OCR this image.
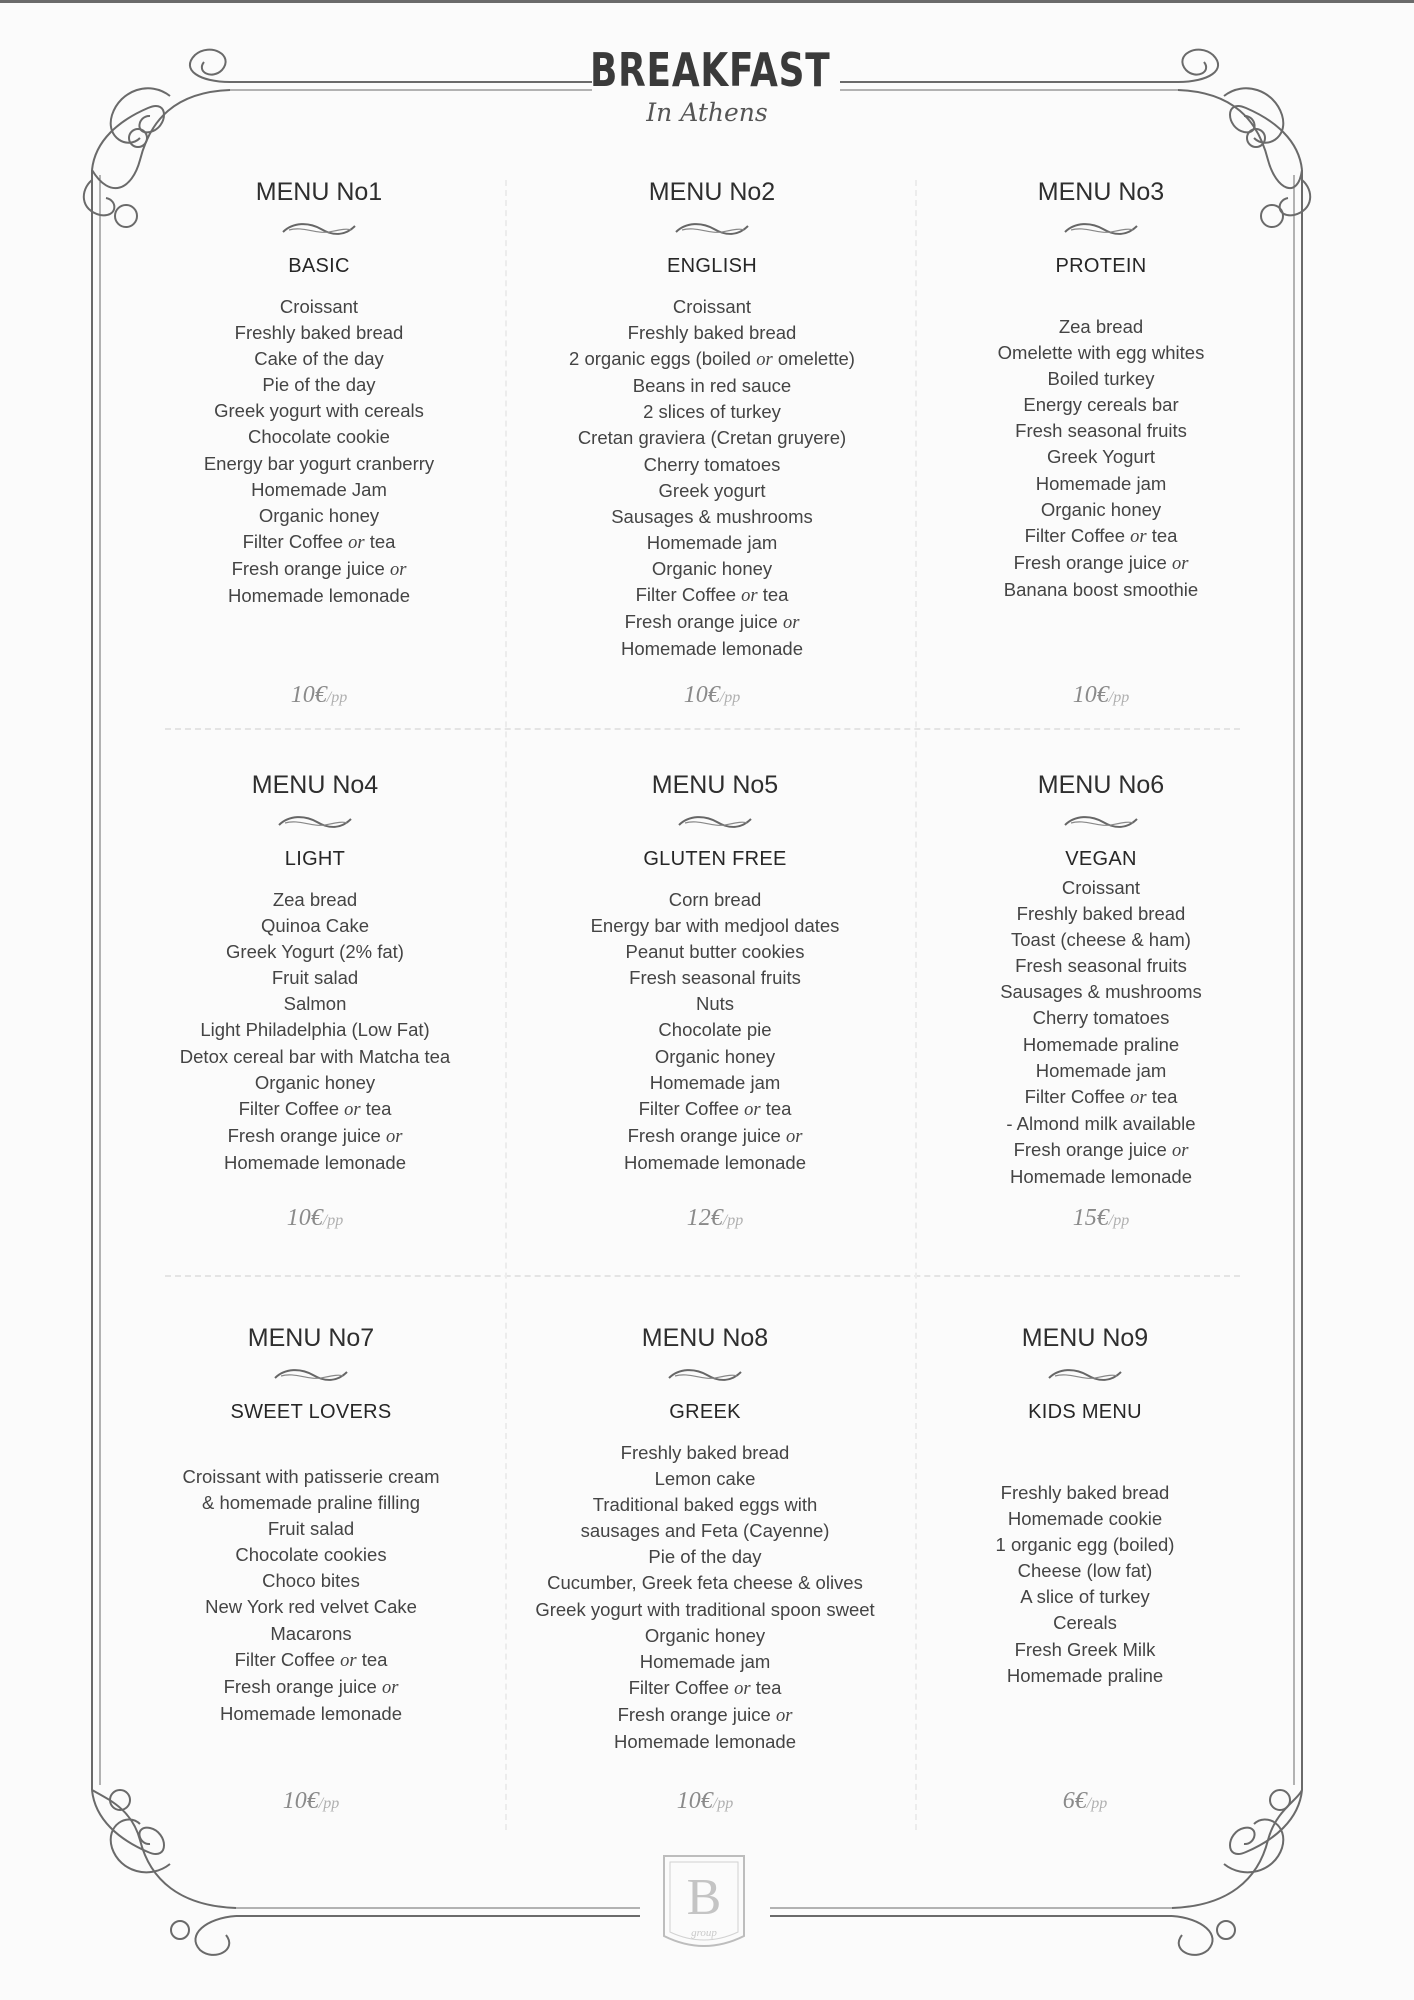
BREAKFAST
In Athens
MENU No1
BASIC
Croissant
Freshly baked bread
Cake of the day
Pie of the day
Greek yogurt with cereals
Chocolate cookie
Energy bar yogurt cranberry
Homemade Jam
Organic honey
Filter Coffee or tea
Fresh orange juice or
Homemade lemonade
10€/pp
MENU No2
ENGLISH
Croissant
Freshly baked bread
2 organic eggs (boiled or omelette)
Beans in red sauce
2 slices of turkey
Cretan graviera (Cretan gruyere)
Cherry tomatoes
Greek yogurt
Sausages & mushrooms
Homemade jam
Organic honey
Filter Coffee or tea
Fresh orange juice or
Homemade lemonade
10€/pp
MENU No3
PROTEIN
Zea bread
Omelette with egg whites
Boiled turkey
Energy cereals bar
Fresh seasonal fruits
Greek Yogurt
Homemade jam
Organic honey
Filter Coffee or tea
Fresh orange juice or
Banana boost smoothie
10€/pp
MENU No4
LIGHT
Zea bread
Quinoa Cake
Greek Yogurt (2% fat)
Fruit salad
Salmon
Light Philadelphia (Low Fat)
Detox cereal bar with Matcha tea
Organic honey
Filter Coffee or tea
Fresh orange juice or
Homemade lemonade
10€/pp
MENU No5
GLUTEN FREE
Corn bread
Energy bar with medjool dates
Peanut butter cookies
Fresh seasonal fruits
Nuts
Chocolate pie
Organic honey
Homemade jam
Filter Coffee or tea
Fresh orange juice or
Homemade lemonade
12€/pp
MENU No6
VEGAN
Croissant
Freshly baked bread
Toast (cheese & ham)
Fresh seasonal fruits
Sausages & mushrooms
Cherry tomatoes
Homemade praline
Homemade jam
Filter Coffee or tea
- Almond milk available
Fresh orange juice or
Homemade lemonade
15€/pp
MENU No7
SWEET LOVERS
Croissant with patisserie cream
& homemade praline filling
Fruit salad
Chocolate cookies
Choco bites
New York red velvet Cake
Macarons
Filter Coffee or tea
Fresh orange juice or
Homemade lemonade
10€/pp
MENU No8
GREEK
Freshly baked bread
Lemon cake
Traditional baked eggs with
sausages and Feta (Cayenne)
Pie of the day
Cucumber, Greek feta cheese & olives
Greek yogurt with traditional spoon sweet
Organic honey
Homemade jam
Filter Coffee or tea
Fresh orange juice or
Homemade lemonade
10€/pp
MENU No9
KIDS MENU
Freshly baked bread
Homemade cookie
1 organic egg (boiled)
Cheese (low fat)
A slice of turkey
Cereals
Fresh Greek Milk
Homemade praline
6€/pp
B
group
